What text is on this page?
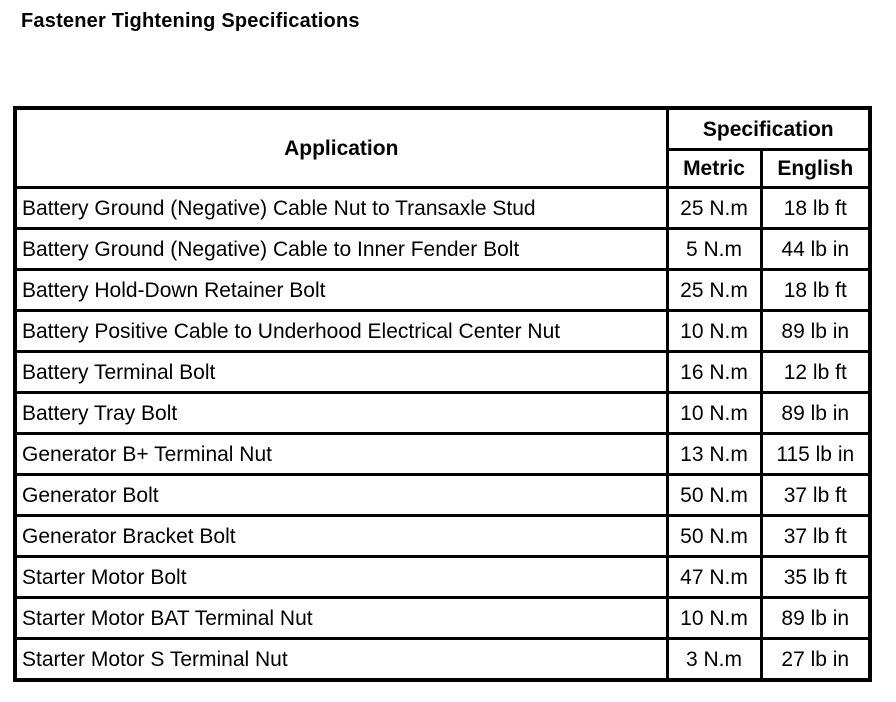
Fastener Tightening Specifications
Application	Specification	
	Metric	English
Battery Ground (Negative) Cable Nut to Transaxle Stud	25 N.m	18 lb ft
Battery Ground (Negative) Cable to Inner Fender Bolt	5 N.m	44 lb in
Battery Hold-Down Retainer Bolt	25 N.m	18 lb ft
Battery Positive Cable to Underhood Electrical Center Nut	10 N.m	89 lb in
Battery Terminal Bolt	16 N.m	12 lb ft
Battery Tray Bolt	10 N.m	89 lb in
Generator B+ Terminal Nut	13 N.m	115 lb in
Generator Bolt	50 N.m	37 lb ft
Generator Bracket Bolt	50 N.m	37 lb ft
Starter Motor Bolt	47 N.m	35 lb ft
Starter Motor BAT Terminal Nut	10 N.m	89 lb in
Starter Motor S Terminal Nut	3 N.m	27 lb in
